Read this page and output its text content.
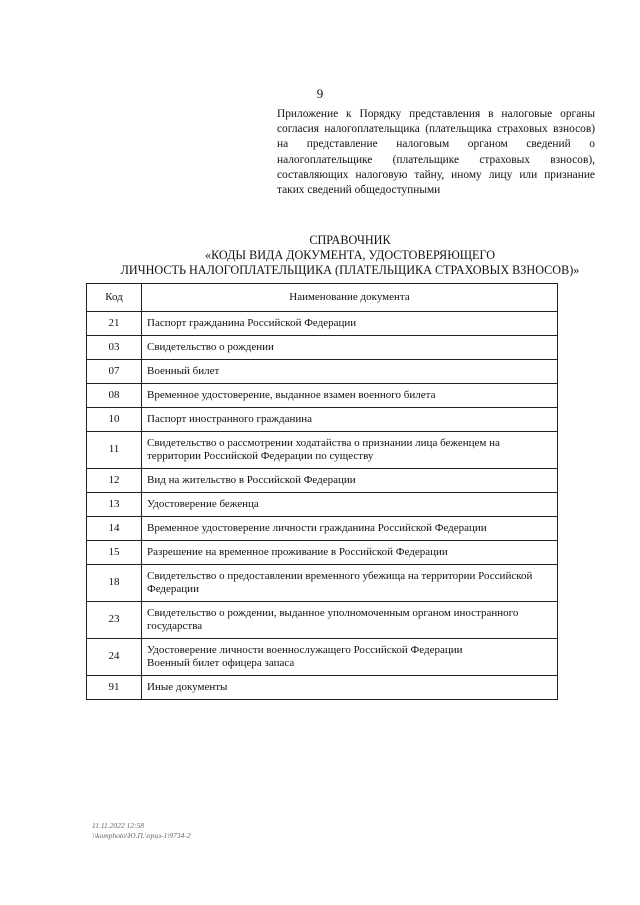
9
Приложение к Порядку представления в налоговые органы согласия налогоплательщика (плательщика страховых взносов) на представление налоговым органом сведений о налогоплательщике (плательщике страховых взносов), составляющих налоговую тайну, иному лицу или признание таких сведений общедоступными
СПРАВОЧНИК
«КОДЫ ВИДА ДОКУМЕНТА, УДОСТОВЕРЯЮЩЕГО
ЛИЧНОСТЬ НАЛОГОПЛАТЕЛЬЩИКА (ПЛАТЕЛЬЩИКА СТРАХОВЫХ ВЗНОСОВ)»
Код	Наименование документа
21	Паспорт гражданина Российской Федерации
03	Свидетельство о рождении
07	Военный билет
08	Временное удостоверение, выданное взамен военного билета
10	Паспорт иностранного гражданина
11	Свидетельство о рассмотрении ходатайства о признании лица беженцем на территории Российской Федерации по существу
12	Вид на жительство в Российской Федерации
13	Удостоверение беженца
14	Временное удостоверение личности гражданина Российской Федерации
15	Разрешение на временное проживание в Российской Федерации
18	Свидетельство о предоставлении временного убежища на территории Российской Федерации
23	Свидетельство о рождении, выданное уполномоченным органом иностранного государства
24	Удостоверение личности военнослужащего Российской Федерации
Военный билет офицера запаса
91	Иные документы
11.11.2022 12:58
\\komphoto\Ю.П.\приз-1\9734-2
